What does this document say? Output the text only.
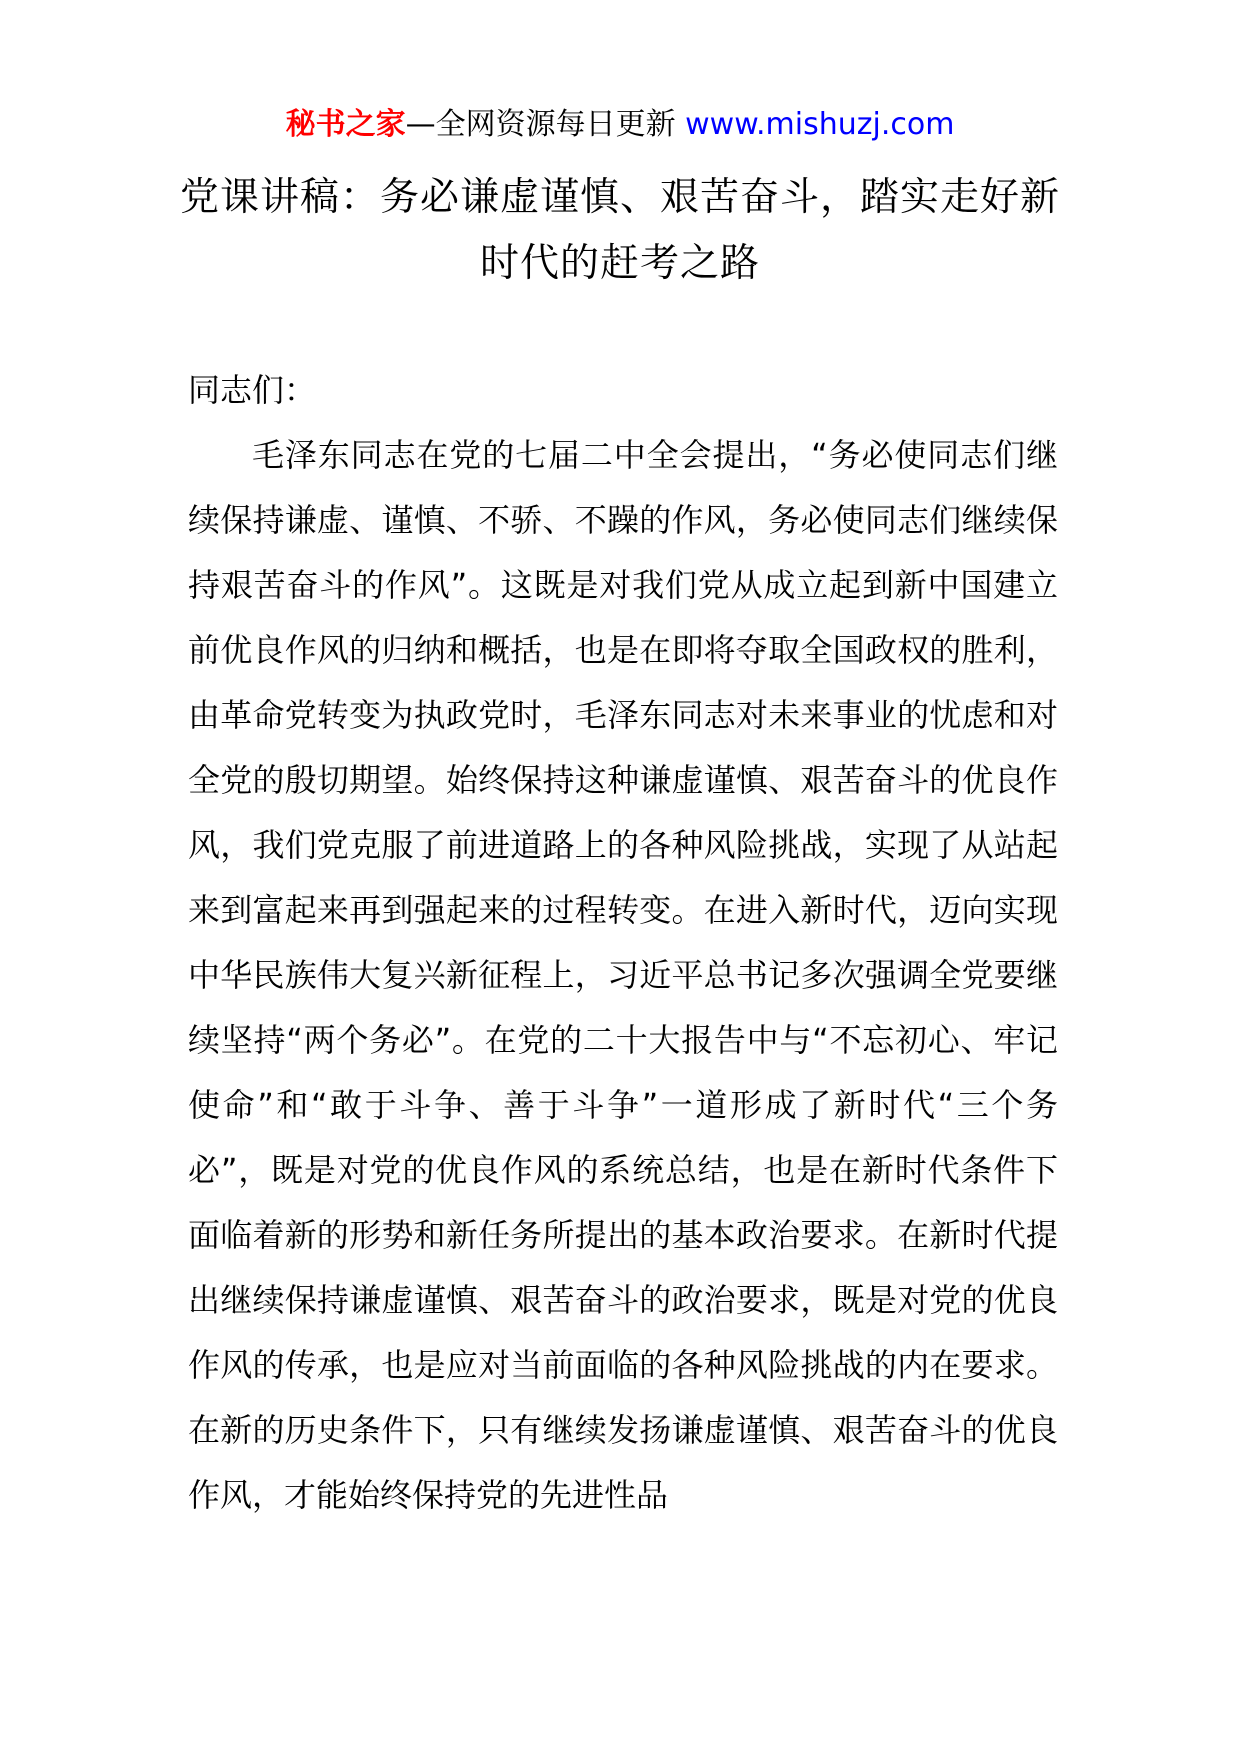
秘书之家—全网资源每日更新 www.mishuzj.com
党课讲稿：务必谦虚谨慎、艰苦奋斗，踏实走好新时代的赶考之路

同志们：

毛泽东同志在党的七届二中全会提出，“务必使同志们继续保持谦虚、谨慎、不骄、不躁的作风，务必使同志们继续保持艰苦奋斗的作风”。这既是对我们党从成立起到新中国建立前优良作风的归纳和概括，也是在即将夺取全国政权的胜利，由革命党转变为执政党时，毛泽东同志对未来事业的忧虑和对全党的殷切期望。始终保持这种谦虚谨慎、艰苦奋斗的优良作风，我们党克服了前进道路上的各种风险挑战，实现了从站起来到富起来再到强起来的过程转变。在进入新时代，迈向实现中华民族伟大复兴新征程上，习近平总书记多次强调全党要继续坚持“两个务必”。在党的二十大报告中与“不忘初心、牢记使命”和“敢于斗争、善于斗争”一道形成了新时代“三个务必”，既是对党的优良作风的系统总结，也是在新时代条件下面临着新的形势和新任务所提出的基本政治要求。在新时代提出继续保持谦虚谨慎、艰苦奋斗的政治要求，既是对党的优良作风的传承，也是应对当前面临的各种风险挑战的内在要求。在新的历史条件下，只有继续发扬谦虚谨慎、艰苦奋斗的优良作风，才能始终保持党的先进性品
